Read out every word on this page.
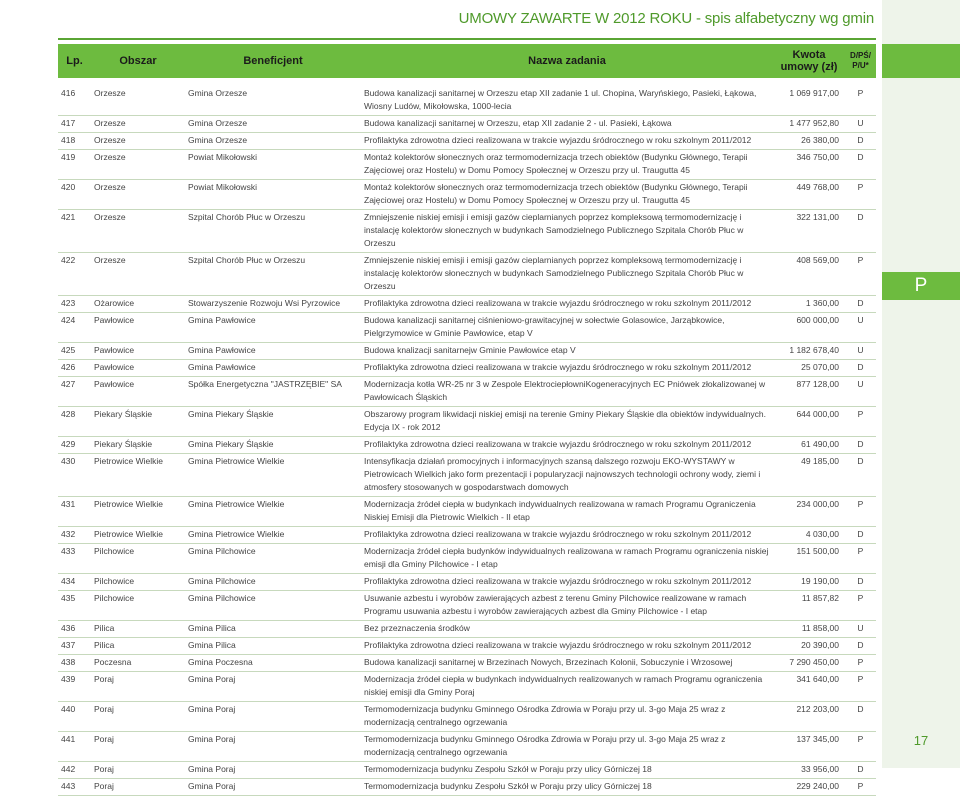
UMOWY ZAWARTE W 2012 ROKU - spis alfabetyczny wg gmin
P
17
Lp.	Obszar	Beneficjent	Nazwa zadania	Kwota umowy (zł)	D/PŚ/ P/U*
416	Orzesze	Gmina Orzesze	Budowa kanalizacji sanitarnej w Orzeszu etap XII zadanie 1 ul. Chopina, Waryńskiego, Pasieki, Łąkowa, Wiosny Ludów, Mikołowska, 1000-lecia	1 069 917,00	P
417	Orzesze	Gmina Orzesze	Budowa kanalizacji sanitarnej w Orzeszu, etap XII zadanie 2 - ul. Pasieki, Łąkowa	1 477 952,80	U
418	Orzesze	Gmina Orzesze	Profilaktyka zdrowotna dzieci realizowana w trakcie wyjazdu śródrocznego w roku szkolnym 2011/2012	26 380,00	D
419	Orzesze	Powiat Mikołowski	Montaż kolektorów słonecznych oraz termomodernizacja trzech obiektów (Budynku Głównego, Terapii Zajęciowej oraz Hostelu) w Domu Pomocy Społecznej w Orzeszu przy ul. Traugutta 45	346 750,00	D
420	Orzesze	Powiat Mikołowski	Montaż kolektorów słonecznych oraz termomodernizacja trzech obiektów (Budynku Głównego, Terapii Zajęciowej oraz Hostelu) w Domu Pomocy Społecznej w Orzeszu przy ul. Traugutta 45	449 768,00	P
421	Orzesze	Szpital Chorób Płuc w Orzeszu	Zmniejszenie niskiej emisji i emisji gazów cieplarnianych poprzez kompleksową termomodernizację i instalację kolektorów słonecznych w budynkach Samodzielnego Publicznego Szpitala Chorób Płuc w Orzeszu	322 131,00	D
422	Orzesze	Szpital Chorób Płuc w Orzeszu	Zmniejszenie niskiej emisji i emisji gazów cieplarnianych poprzez kompleksową termomodernizację i instalację kolektorów słonecznych w budynkach Samodzielnego Publicznego Szpitala Chorób Płuc w Orzeszu	408 569,00	P
423	Ożarowice	Stowarzyszenie Rozwoju Wsi Pyrzowice	Profilaktyka zdrowotna dzieci realizowana w trakcie wyjazdu śródrocznego w roku szkolnym 2011/2012	1 360,00	D
424	Pawłowice	Gmina Pawłowice	Budowa kanalizacji sanitarnej ciśnieniowo-grawitacyjnej w sołectwie Golasowice, Jarząbkowice, Pielgrzymowice w Gminie Pawłowice, etap V	600 000,00	U
425	Pawłowice	Gmina Pawłowice	Budowa knalizacji sanitarnejw Gminie Pawłowice etap V	1 182 678,40	U
426	Pawłowice	Gmina Pawłowice	Profilaktyka zdrowotna dzieci realizowana w trakcie wyjazdu śródrocznego w roku szkolnym 2011/2012	25 070,00	D
427	Pawłowice	Spółka Energetyczna "JASTRZĘBIE" SA	Modernizacja kotła WR-25 nr 3 w Zespole ElektrociepłowniKogeneracyjnych EC Pniówek złokalizowanej w Pawłowicach Śląskich	877 128,00	U
428	Piekary Śląskie	Gmina Piekary Śląskie	Obszarowy program likwidacji niskiej emisji na terenie Gminy Piekary Śląskie dla obiektów indywidualnych. Edycja IX - rok 2012	644 000,00	P
429	Piekary Śląskie	Gmina Piekary Śląskie	Profilaktyka zdrowotna dzieci realizowana w trakcie wyjazdu śródrocznego w roku szkolnym 2011/2012	61 490,00	D
430	Pietrowice Wielkie	Gmina Pietrowice Wielkie	Intensyfikacja działań promocyjnych i informacyjnych szansą dalszego rozwoju EKO-WYSTAWY w Pietrowicach Wielkich jako form prezentacji i popularyzacji najnowszych technologii ochrony wody, ziemi i atmosfery stosowanych w gospodarstwach domowych	49 185,00	D
431	Pietrowice Wielkie	Gmina Pietrowice Wielkie	Modernizacja źródeł ciepła w budynkach indywidualnych realizowana w ramach Programu Ograniczenia Niskiej Emisji dla Pietrowic Wielkich - II etap	234 000,00	P
432	Pietrowice Wielkie	Gmina Pietrowice Wielkie	Profilaktyka zdrowotna dzieci realizowana w trakcie wyjazdu śródrocznego w roku szkolnym 2011/2012	4 030,00	D
433	Pilchowice	Gmina Pilchowice	Modernizacja źródeł ciepła budynków indywidualnych realizowana w ramach Programu ograniczenia niskiej emisji dla Gminy Pilchowice - I etap	151 500,00	P
434	Pilchowice	Gmina Pilchowice	Profilaktyka zdrowotna dzieci realizowana w trakcie wyjazdu śródrocznego w roku szkolnym 2011/2012	19 190,00	D
435	Pilchowice	Gmina Pilchowice	Usuwanie azbestu i wyrobów zawierających azbest z terenu Gminy Pilchowice realizowane w ramach Programu usuwania azbestu i wyrobów zawierających azbest dla Gminy Pilchowice - I etap	11 857,82	P
436	Pilica	Gmina Pilica	Bez przeznaczenia środków	11 858,00	U
437	Pilica	Gmina Pilica	Profilaktyka zdrowotna dzieci realizowana w trakcie wyjazdu śródrocznego w roku szkolnym 2011/2012	20 390,00	D
438	Poczesna	Gmina Poczesna	Budowa kanalizacji sanitarnej w Brzezinach Nowych, Brzezinach Kolonii, Sobuczynie i Wrzosowej	7 290 450,00	P
439	Poraj	Gmina Poraj	Modernizacja źródeł ciepła w budynkach indywidualnych realizowanych w ramach Programu ograniczenia niskiej emisji dla Gminy Poraj	341 640,00	P
440	Poraj	Gmina Poraj	Termomodernizacja budynku Gminnego Ośrodka Zdrowia w Poraju przy ul. 3-go Maja 25 wraz z modernizacją centralnego ogrzewania	212 203,00	D
441	Poraj	Gmina Poraj	Termomodernizacja budynku Gminnego Ośrodka Zdrowia w Poraju przy ul. 3-go Maja 25 wraz z modernizacją centralnego ogrzewania	137 345,00	P
442	Poraj	Gmina Poraj	Termomodernizacja budynku Zespołu Szkół w Poraju przy ulicy Górniczej 18	33 956,00	D
443	Poraj	Gmina Poraj	Termomodernizacja budynku Zespołu Szkół w Poraju przy ulicy Górniczej 18	229 240,00	P
